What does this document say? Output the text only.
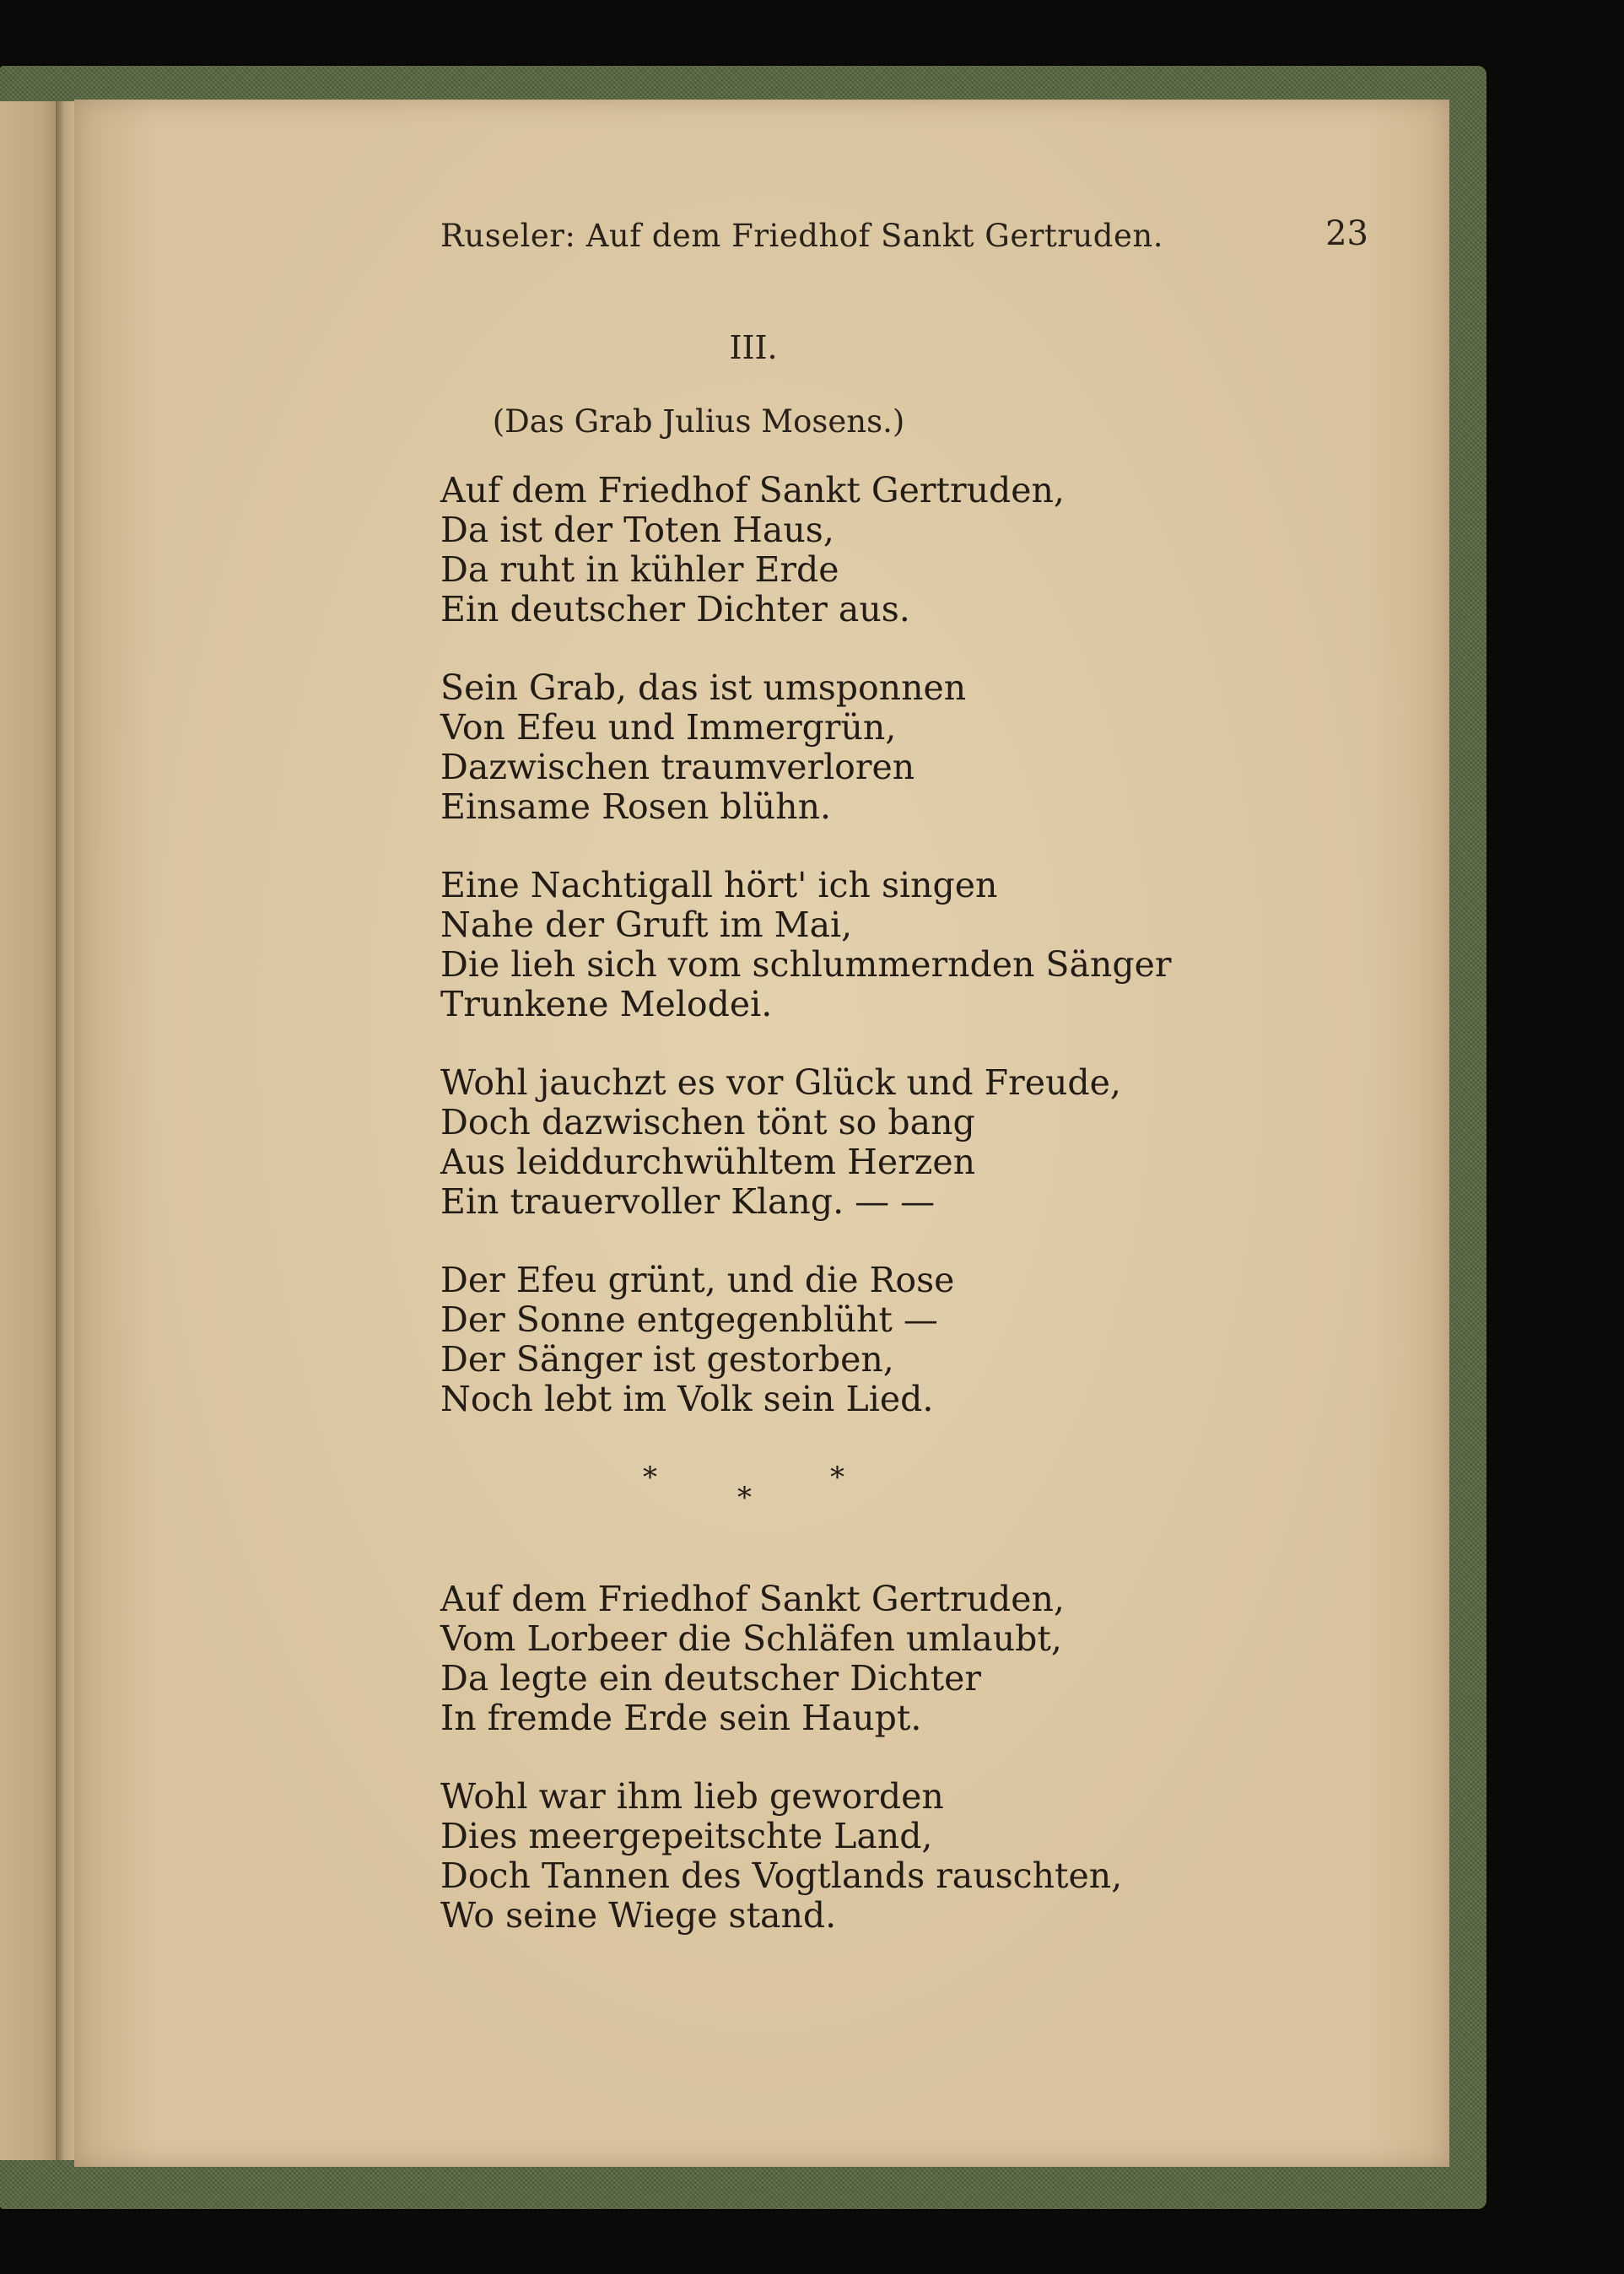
Ruseler: Auf dem Friedhof Sankt Gertruden.	23
III.
(Das Grab Julius Mosens.)
Auf dem Friedhof Sankt Gertruden,
Da ist der Toten Haus,
Da ruht in kühler Erde
Ein deutscher Dichter aus.
Sein Grab, das ist umsponnen
Von Efeu und Immergrün,
Dazwischen traumverloren
Einsame Rosen blühn.
Eine Nachtigall hört' ich singen
Nahe der Gruft im Mai,
Die lieh sich vom schlummernden Sänger
Trunkene Melodei.
Wohl jauchzt es vor Glück und Freude,
Doch dazwischen tönt so bang
Aus leiddurchwühltem Herzen
Ein trauervoller Klang. — —
Der Efeu grünt, und die Rose
Der Sonne entgegenblüht —
Der Sänger ist gestorben,
Noch lebt im Volk sein Lied.
*
*
*
Auf dem Friedhof Sankt Gertruden,
Vom Lorbeer die Schläfen umlaubt,
Da legte ein deutscher Dichter
In fremde Erde sein Haupt.
Wohl war ihm lieb geworden
Dies meergepeitschte Land,
Doch Tannen des Vogtlands rauschten,
Wo seine Wiege stand.
